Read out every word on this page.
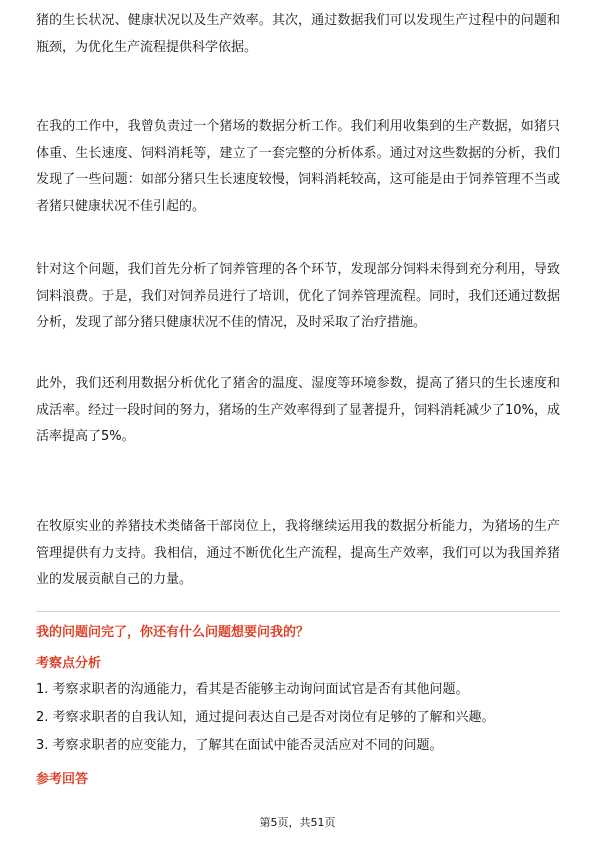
猪的生长状况、健康状况以及生产效率。其次，通过数据我们可以发现生产过程中的问题和瓶颈，为优化生产流程提供科学依据。

在我的工作中，我曾负责过一个猪场的数据分析工作。我们利用收集到的生产数据，如猪只体重、生长速度、饲料消耗等，建立了一套完整的分析体系。通过对这些数据的分析，我们发现了一些问题：如部分猪只生长速度较慢，饲料消耗较高，这可能是由于饲养管理不当或者猪只健康状况不佳引起的。

针对这个问题，我们首先分析了饲养管理的各个环节，发现部分饲料未得到充分利用，导致饲料浪费。于是，我们对饲养员进行了培训，优化了饲养管理流程。同时，我们还通过数据分析，发现了部分猪只健康状况不佳的情况，及时采取了治疗措施。

此外，我们还利用数据分析优化了猪舍的温度、湿度等环境参数，提高了猪只的生长速度和成活率。经过一段时间的努力，猪场的生产效率得到了显著提升，饲料消耗减少了10%，成活率提高了5%。

在牧原实业的养猪技术类储备干部岗位上，我将继续运用我的数据分析能力，为猪场的生产管理提供有力支持。我相信，通过不断优化生产流程，提高生产效率，我们可以为我国养猪业的发展贡献自己的力量。

我的问题问完了，你还有什么问题想要问我的？
考察点分析
1. 考察求职者的沟通能力，看其是否能够主动询问面试官是否有其他问题。
2. 考察求职者的自我认知，通过提问表达自己是否对岗位有足够的了解和兴趣。
3. 考察求职者的应变能力，了解其在面试中能否灵活应对不同的问题。
参考回答
第5页，共51页
